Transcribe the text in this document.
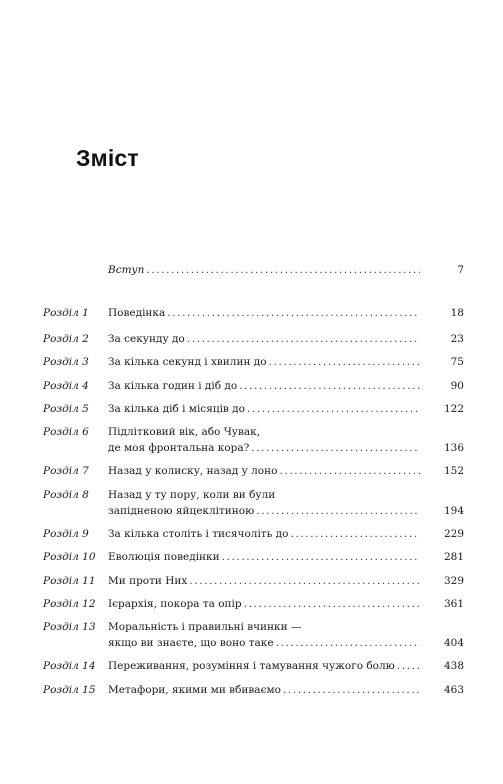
Зміст
Вступ .....	7
Розділ 1 Поведінка .....	18
Розділ 2 За секунду до .....	23
Розділ 3 За кілька секунд і хвилин до .....	75
Розділ 4 За кілька годин і діб до .....	90
Розділ 5 За кілька діб і місяців до .....	122
Розділ 6 Підлітковий вік, або Чувак,
де моя фронтальна кора? .....	136
Розділ 7 Назад у колиску, назад у лоно .....	152
Розділ 8 Назад у ту пору, коли ви були
запідненою яйцеклітиною .....	194
Розділ 9 За кілька століть і тисячоліть до .....	229
Розділ 10 Еволюція поведінки .....	281
Розділ 11 Ми проти Них .....	329
Розділ 12 Ієрархія, покора та опір .....	361
Розділ 13 Моральність і правильні вчинки —
якщо ви знаєте, що воно таке .....	404
Розділ 14 Переживання, розуміння і тамування чужого болю .....	438
Розділ 15 Метафори, якими ми вбиваємо .....	463
